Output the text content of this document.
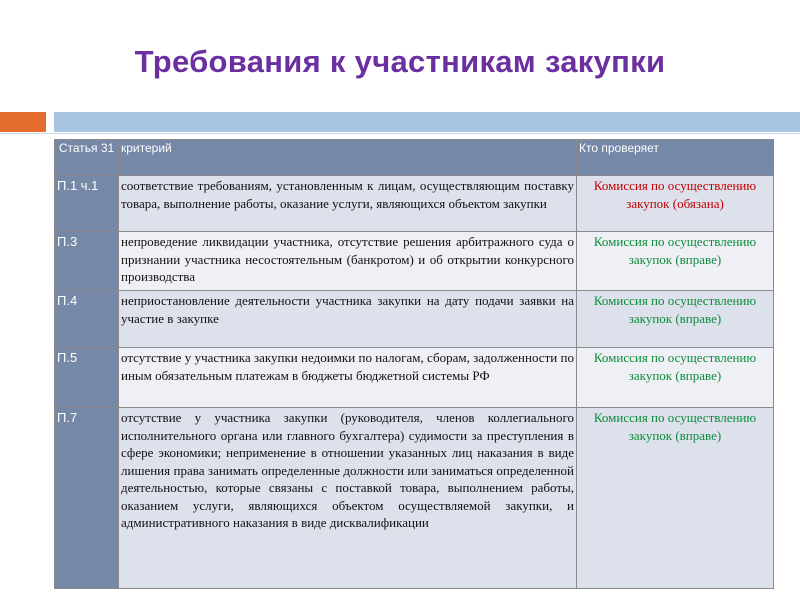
Требования к участникам закупки
Статья 31	критерий	Кто проверяет
П.1 ч.1	соответствие требованиям, установленным к лицам, осуществляющим поставку товара, выполнение работы, оказание услуги, являющихся объектом закупки	Комиссия по осуществлению закупок (обязана)
П.3	непроведение ликвидации участника, отсутствие решения арбитражного суда о признании участника несостоятельным (банкротом) и об открытии конкурсного производства	Комиссия по осуществлению закупок (вправе)
П.4	неприостановление деятельности участника закупки на дату подачи заявки на участие в закупке	Комиссия по осуществлению закупок (вправе)
П.5	отсутствие у участника закупки недоимки по налогам, сборам, задолженности по иным обязательным платежам в бюджеты бюджетной системы РФ	Комиссия по осуществлению закупок (вправе)
П.7	отсутствие у участника закупки (руководителя, членов коллегиального исполнительного органа или главного бухгалтера) судимости за преступления в сфере экономики; неприменение в отношении указанных лиц наказания в виде лишения права занимать определенные должности или заниматься определенной деятельностью, которые связаны с поставкой товара, выполнением работы, оказанием услуги, являющихся объектом осуществляемой закупки, и административного наказания в виде дисквалификации	Комиссия по осуществлению закупок (вправе)
